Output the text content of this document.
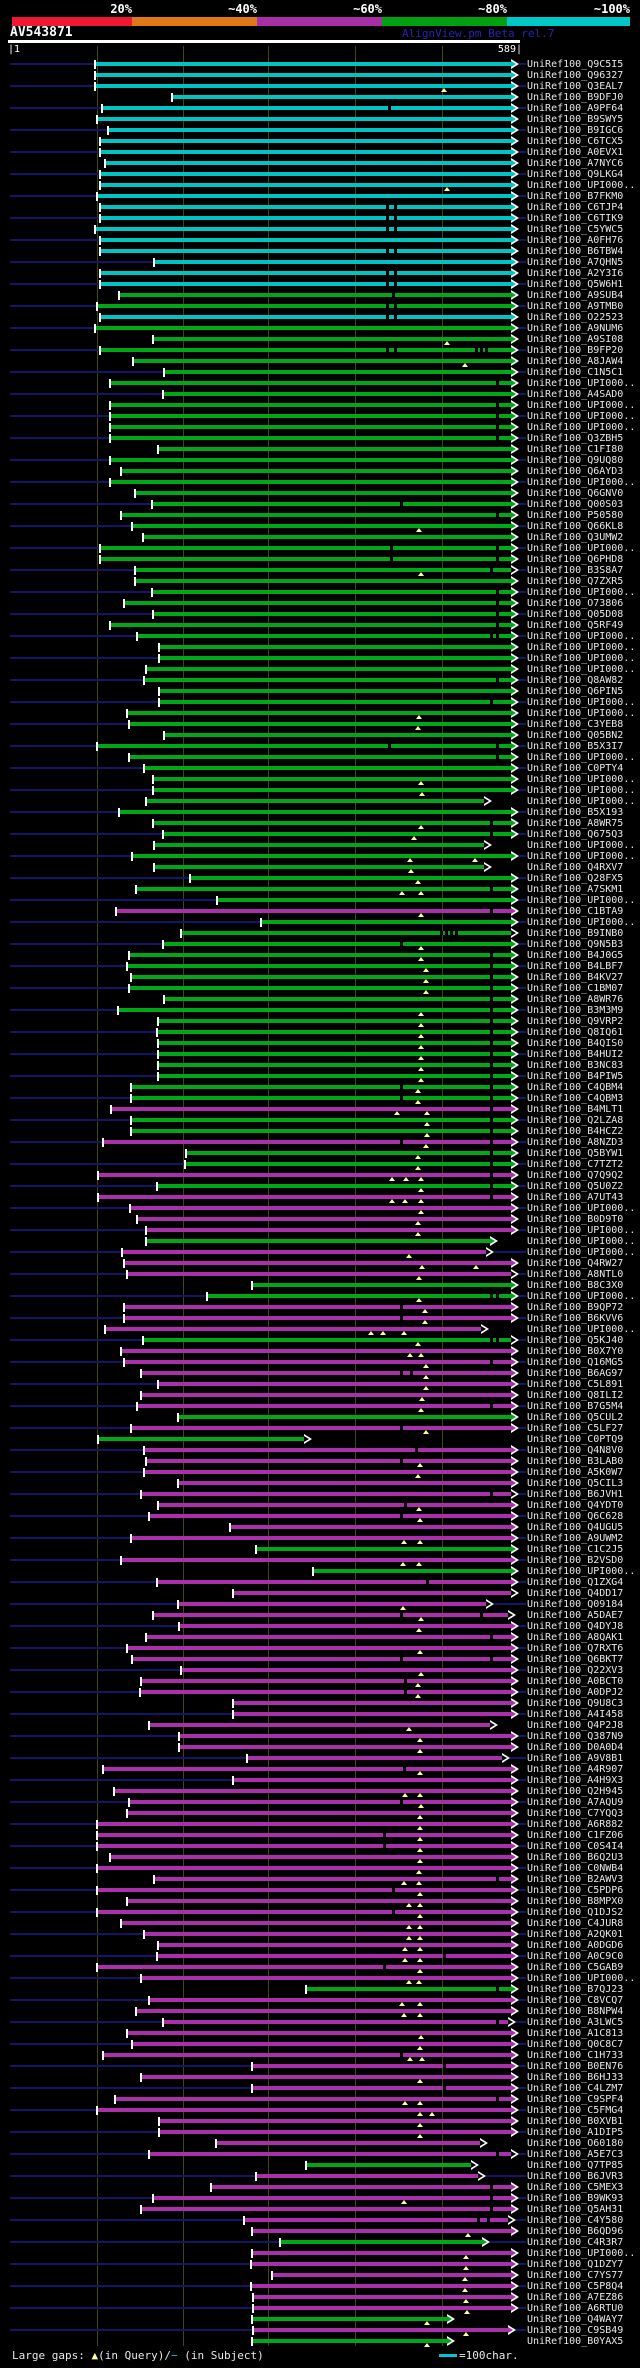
20%	~40%	~60%	~80%	~100%
AV543871	AlignView.pm Beta rel.7
|1	589|
UniRef100_Q9C5I5
UniRef100_Q96327
UniRef100_Q3EAL7
UniRef100_B9DFJ0
UniRef100_A9PF64
UniRef100_B9SWY5
UniRef100_B9IGC6
UniRef100_C6TCX5
UniRef100_A0EVX1
UniRef100_A7NYC6
UniRef100_Q9LKG4
UniRef100_UPI000..
UniRef100_B7FKM0
UniRef100_C6TJP4
UniRef100_C6TIK9
UniRef100_C5YWC5
UniRef100_A0FH76
UniRef100_B6TBW4
UniRef100_A7QHN5
UniRef100_A2Y3I6
UniRef100_Q5W6H1
UniRef100_A9SUB4
UniRef100_A9TMB0
UniRef100_O22523
UniRef100_A9NUM6
UniRef100_A9SI08
UniRef100_B9FP20
UniRef100_A8JAW4
UniRef100_C1N5C1
UniRef100_UPI000..
UniRef100_A4SAD0
UniRef100_UPI000..
UniRef100_UPI000..
UniRef100_UPI000..
UniRef100_Q3ZBH5
UniRef100_C1FI80
UniRef100_Q9UQ80
UniRef100_Q6AYD3
UniRef100_UPI000..
UniRef100_Q6GNV0
UniRef100_Q00S03
UniRef100_P50580
UniRef100_Q66KL8
UniRef100_Q3UMW2
UniRef100_UPI000..
UniRef100_Q6PHD8
UniRef100_B3S8A7
UniRef100_Q7ZXR5
UniRef100_UPI000..
UniRef100_O73806
UniRef100_Q05D08
UniRef100_Q5RF49
UniRef100_UPI000..
UniRef100_UPI000..
UniRef100_UPI000..
UniRef100_UPI000..
UniRef100_Q8AW82
UniRef100_Q6PIN5
UniRef100_UPI000..
UniRef100_UPI000..
UniRef100_C3YEB8
UniRef100_Q05BN2
UniRef100_B5X3I7
UniRef100_UPI000..
UniRef100_C0PTY4
UniRef100_UPI000..
UniRef100_UPI000..
UniRef100_UPI000..
UniRef100_B5X193
UniRef100_A8WR75
UniRef100_Q675Q3
UniRef100_UPI000..
UniRef100_UPI000..
UniRef100_Q4RXV7
UniRef100_Q28FX5
UniRef100_A7SKM1
UniRef100_UPI000..
UniRef100_C1BTA9
UniRef100_UPI000..
UniRef100_B9INB0
UniRef100_Q9N5B3
UniRef100_B4J0G5
UniRef100_B4LBF7
UniRef100_B4KV27
UniRef100_C1BM07
UniRef100_A8WR76
UniRef100_B3M3M9
UniRef100_Q9VRP2
UniRef100_Q8IQ61
UniRef100_B4QIS0
UniRef100_B4HUI2
UniRef100_B3NC83
UniRef100_B4PIW5
UniRef100_C4QBM4
UniRef100_C4QBM3
UniRef100_B4MLT1
UniRef100_Q2LZA8
UniRef100_B4HCZ2
UniRef100_A8NZD3
UniRef100_Q5BYW1
UniRef100_C7TZT2
UniRef100_Q7Q9Q2
UniRef100_Q5U0Z2
UniRef100_A7UT43
UniRef100_UPI000..
UniRef100_B0D9T0
UniRef100_UPI000..
UniRef100_UPI000..
UniRef100_UPI000..
UniRef100_Q4RW27
UniRef100_A8NTL0
UniRef100_B8C3X0
UniRef100_UPI000..
UniRef100_B9QP72
UniRef100_B6KVV6
UniRef100_UPI000..
UniRef100_Q5KJ40
UniRef100_B0X7Y0
UniRef100_Q16MG5
UniRef100_B6AG97
UniRef100_C5L891
UniRef100_Q8ILI2
UniRef100_B7G5M4
UniRef100_Q5CUL2
UniRef100_C5LF27
UniRef100_C0PTQ9
UniRef100_Q4N8V0
UniRef100_B3LAB0
UniRef100_A5K0W7
UniRef100_Q5CIL3
UniRef100_B6JVH1
UniRef100_Q4YDT0
UniRef100_Q6C628
UniRef100_Q4UGU5
UniRef100_A9UWM2
UniRef100_C1C2J5
UniRef100_B2VSD0
UniRef100_UPI000..
UniRef100_Q1ZXG4
UniRef100_Q4DD17
UniRef100_Q09184
UniRef100_A5DAE7
UniRef100_Q4DYJ8
UniRef100_A8QAK1
UniRef100_Q7RXT6
UniRef100_Q6BKT7
UniRef100_Q22XV3
UniRef100_A0BCT0
UniRef100_A0DPJ2
UniRef100_Q9U8C3
UniRef100_A4I458
UniRef100_Q4P2J8
UniRef100_Q387N9
UniRef100_D0A0D4
UniRef100_A9V8B1
UniRef100_A4R907
UniRef100_A4H9X3
UniRef100_Q2H945
UniRef100_A7AQU9
UniRef100_C7YQQ3
UniRef100_A6R882
UniRef100_C1FZ06
UniRef100_C0S4I4
UniRef100_B6Q2U3
UniRef100_C0NWB4
UniRef100_B2AWV3
UniRef100_C5PDP6
UniRef100_B8MPX0
UniRef100_Q1DJS2
UniRef100_C4JUR8
UniRef100_A2QK01
UniRef100_A0DGD6
UniRef100_A0C9C0
UniRef100_C5GAB9
UniRef100_UPI000..
UniRef100_B7QJ23
UniRef100_C8VCQ7
UniRef100_B8NPW4
UniRef100_A3LWC5
UniRef100_A1C813
UniRef100_Q0C8C7
UniRef100_C1H733
UniRef100_B0EN76
UniRef100_B6HJ33
UniRef100_C4LZM7
UniRef100_C9SPF4
UniRef100_C5FMG4
UniRef100_B0XVB1
UniRef100_A1DIP5
UniRef100_O60180
UniRef100_A5E7C3
UniRef100_Q7TP85
UniRef100_B6JVR3
UniRef100_C5MEX3
UniRef100_B9WK93
UniRef100_Q5AH31
UniRef100_C4Y580
UniRef100_B6QD96
UniRef100_C4R3R7
UniRef100_UPI000..
UniRef100_Q1DZY7
UniRef100_C7YS77
UniRef100_C5P8Q4
UniRef100_A7EZ86
UniRef100_A6RTU0
UniRef100_Q4WAY7
UniRef100_C9SB49
UniRef100_B0YAX5
Large gaps: ▲(in Query)/− (in Subject)	=100char.
